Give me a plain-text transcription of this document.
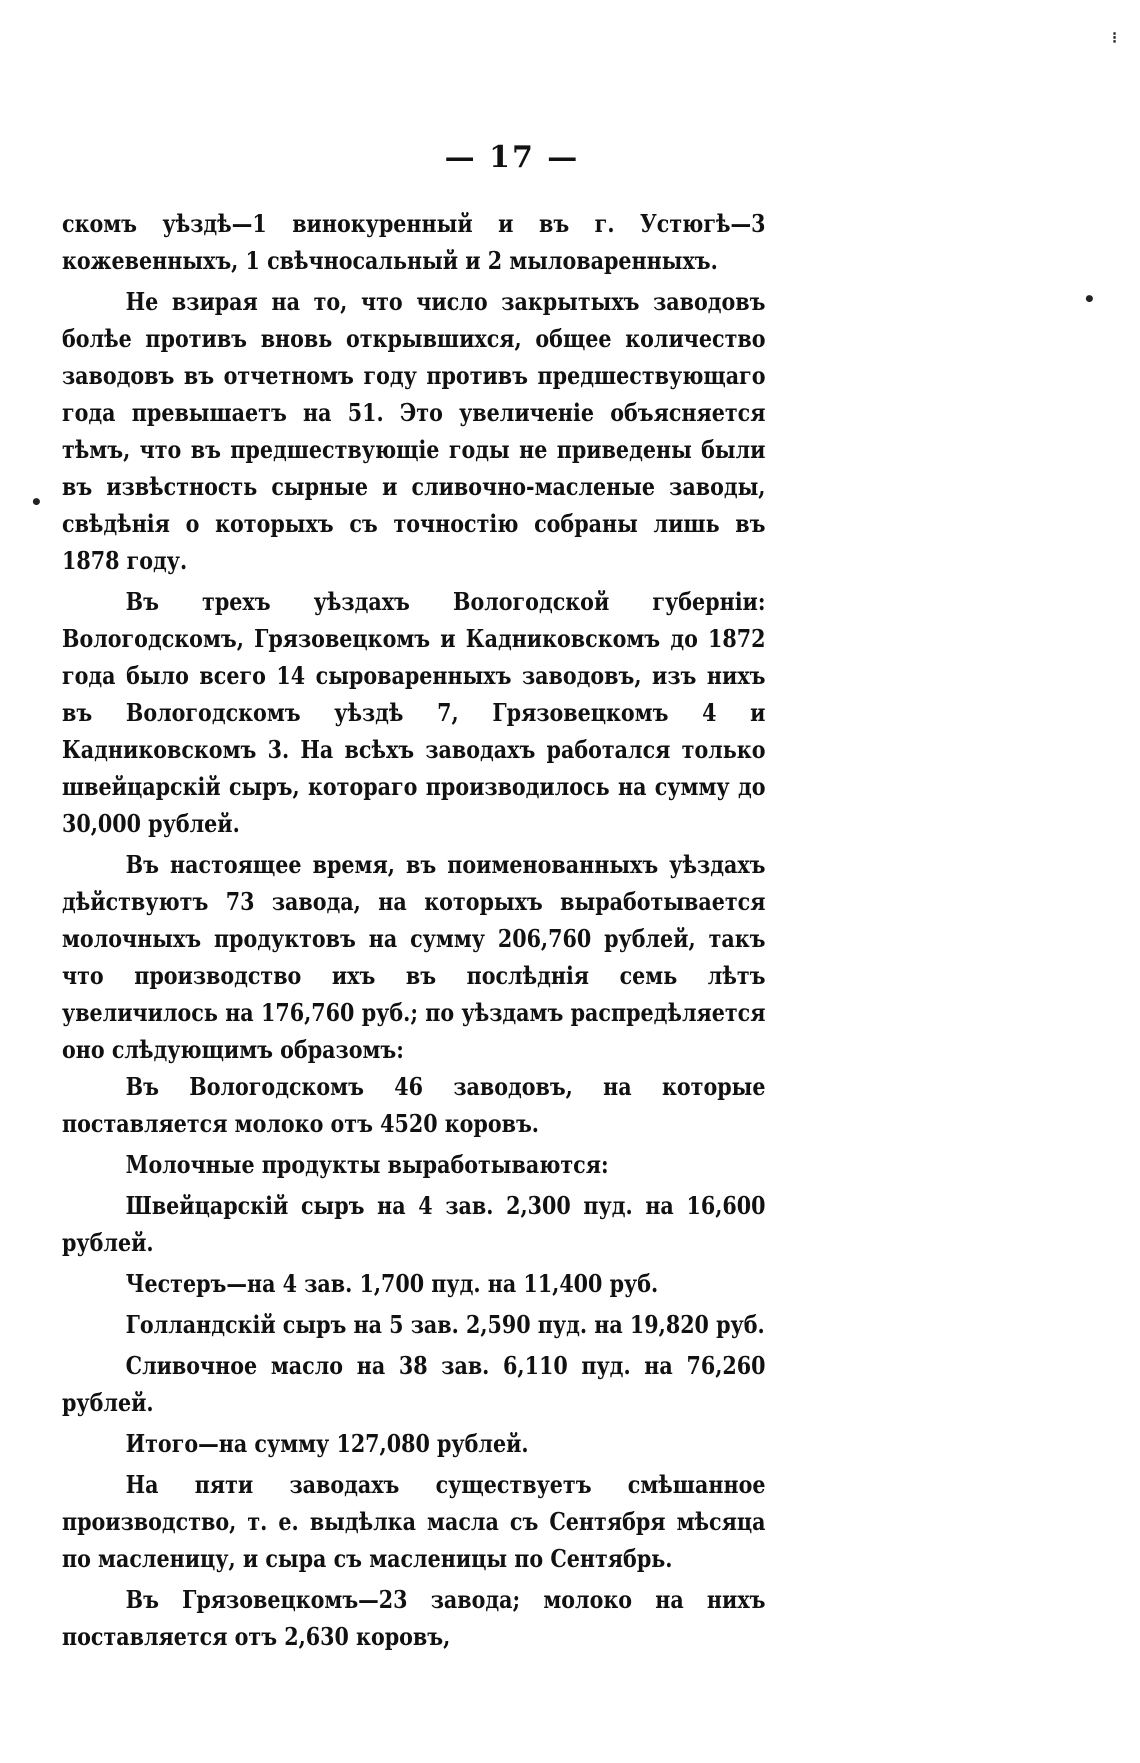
— 17 —

скомъ уѣздѣ—1 винокуренный и въ г. Устюгѣ—3 кожевенныхъ, 1 свѣчносальный и 2 мыловаренныхъ.

Не взирая на то, что число закрытыхъ заводовъ болѣе противъ вновь открывшихся, общее количество заводовъ въ отчетномъ году противъ предшествующаго года превышаетъ на 51. Это увеличеніе объясняется тѣмъ, что въ предшествующіе годы не приведены были въ извѣстность сырные и сливочно-масленые заводы, свѣдѣнія о которыхъ съ точностію собраны лишь въ 1878 году.

Въ трехъ уѣздахъ Вологодской губерніи: Вологодскомъ, Грязовецкомъ и Кадниковскомъ до 1872 года было всего 14 сыроваренныхъ заводовъ, изъ нихъ въ Вологодскомъ уѣздѣ 7, Грязовецкомъ 4 и Кадниковскомъ 3. На всѣхъ заводахъ работался только швейцарскій сыръ, котораго производилось на сумму до 30,000 рублей.

Въ настоящее время, въ поименованныхъ уѣздахъ дѣйствуютъ 73 завода, на которыхъ выработывается молочныхъ продуктовъ на сумму 206,760 рублей, такъ что производство ихъ въ послѣднія семь лѣтъ увеличилось на 176,760 руб.; по уѣздамъ распредѣляется оно слѣдующимъ образомъ:

Въ Вологодскомъ 46 заводовъ, на которые поставляется молоко отъ 4520 коровъ.

Молочные продукты выработываются:

Швейцарскій сыръ на 4 зав. 2,300 пуд. на 16,600 рублей.

Честеръ—на 4 зав. 1,700 пуд. на 11,400 руб.

Голландскій сыръ на 5 зав. 2,590 пуд. на 19,820 руб.

Сливочное масло на 38 зав. 6,110 пуд. на 76,260 рублей.

Итого—на сумму 127,080 рублей.

На пяти заводахъ существуетъ смѣшанное производство, т. е. выдѣлка масла съ Сентября мѣсяца по масленицу, и сыра съ масленицы по Сентябрь.

Въ Грязовецкомъ—23 завода; молоко на нихъ поставляется отъ 2,630 коровъ,

•
•
⁝
